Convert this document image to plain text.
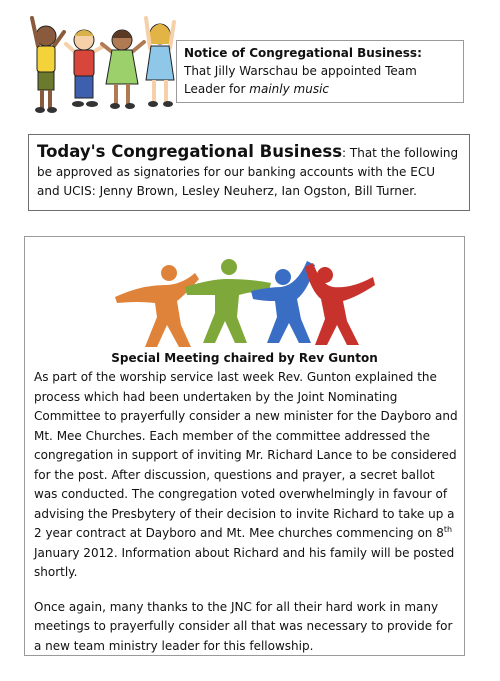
Notice of Congregational Business:  That Jilly Warschau be appointed Team Leader for mainly music
Today's Congregational Business: That the following be approved as signatories for our banking accounts with the ECU and UCIS: Jenny Brown, Lesley Neuherz, Ian Ogston, Bill Turner.
Special Meeting chaired by Rev Gunton

As part of the worship service last week Rev. Gunton explained the process which had been undertaken by the Joint Nominating Committee to prayerfully consider a new minister for the Dayboro and Mt. Mee Churches. Each member of the committee addressed the congregation in support of inviting Mr. Richard Lance to be considered for the post. After discussion, questions and prayer, a secret ballot was conducted. The congregation voted overwhelmingly in favour of advising the Presbytery of their decision to invite Richard to take up a 2 year contract at Dayboro and Mt. Mee churches commencing on 8th January 2012. Information about Richard and his family will be posted shortly.

Once again, many thanks to the JNC for all their hard work in many meetings to prayerfully consider all that was necessary to provide for a new team ministry leader for this fellowship.
